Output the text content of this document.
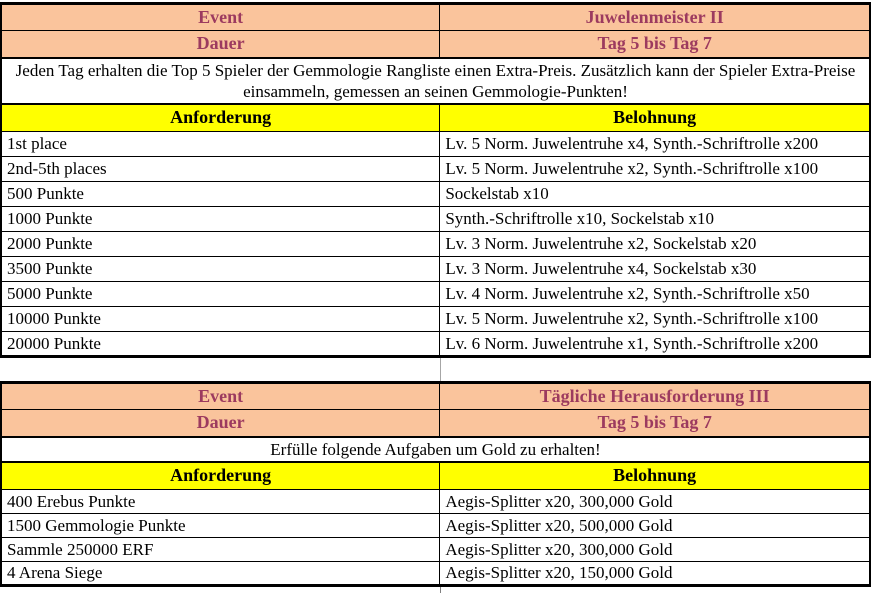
Event	Juwelenmeister II
Dauer	Tag 5 bis Tag 7
Jeden Tag erhalten die Top 5 Spieler der Gemmologie Rangliste einen Extra-Preis. Zusätzlich kann der Spieler Extra-Preise einsammeln, gemessen an seinen Gemmologie-Punkten!	
Anforderung	Belohnung
1st place	Lv. 5 Norm. Juwelentruhe x4, Synth.-Schriftrolle x200
2nd-5th places	Lv. 5 Norm. Juwelentruhe x2, Synth.-Schriftrolle x100
500 Punkte	Sockelstab x10
1000 Punkte	Synth.-Schriftrolle x10, Sockelstab x10
2000 Punkte	Lv. 3 Norm. Juwelentruhe x2, Sockelstab x20
3500 Punkte	Lv. 3 Norm. Juwelentruhe x4, Sockelstab x30
5000 Punkte	Lv. 4 Norm. Juwelentruhe x2, Synth.-Schriftrolle x50
10000 Punkte	Lv. 5 Norm. Juwelentruhe x2, Synth.-Schriftrolle x100
20000 Punkte	Lv. 6 Norm. Juwelentruhe x1, Synth.-Schriftrolle x200
Event	Tägliche Herausforderung III
Dauer	Tag 5 bis Tag 7
Erfülle folgende Aufgaben um Gold zu erhalten!	
Anforderung	Belohnung
400 Erebus Punkte	Aegis-Splitter x20, 300,000 Gold
1500 Gemmologie Punkte	Aegis-Splitter x20, 500,000 Gold
Sammle 250000 ERF	Aegis-Splitter x20, 300,000 Gold
4 Arena Siege	Aegis-Splitter x20, 150,000 Gold
